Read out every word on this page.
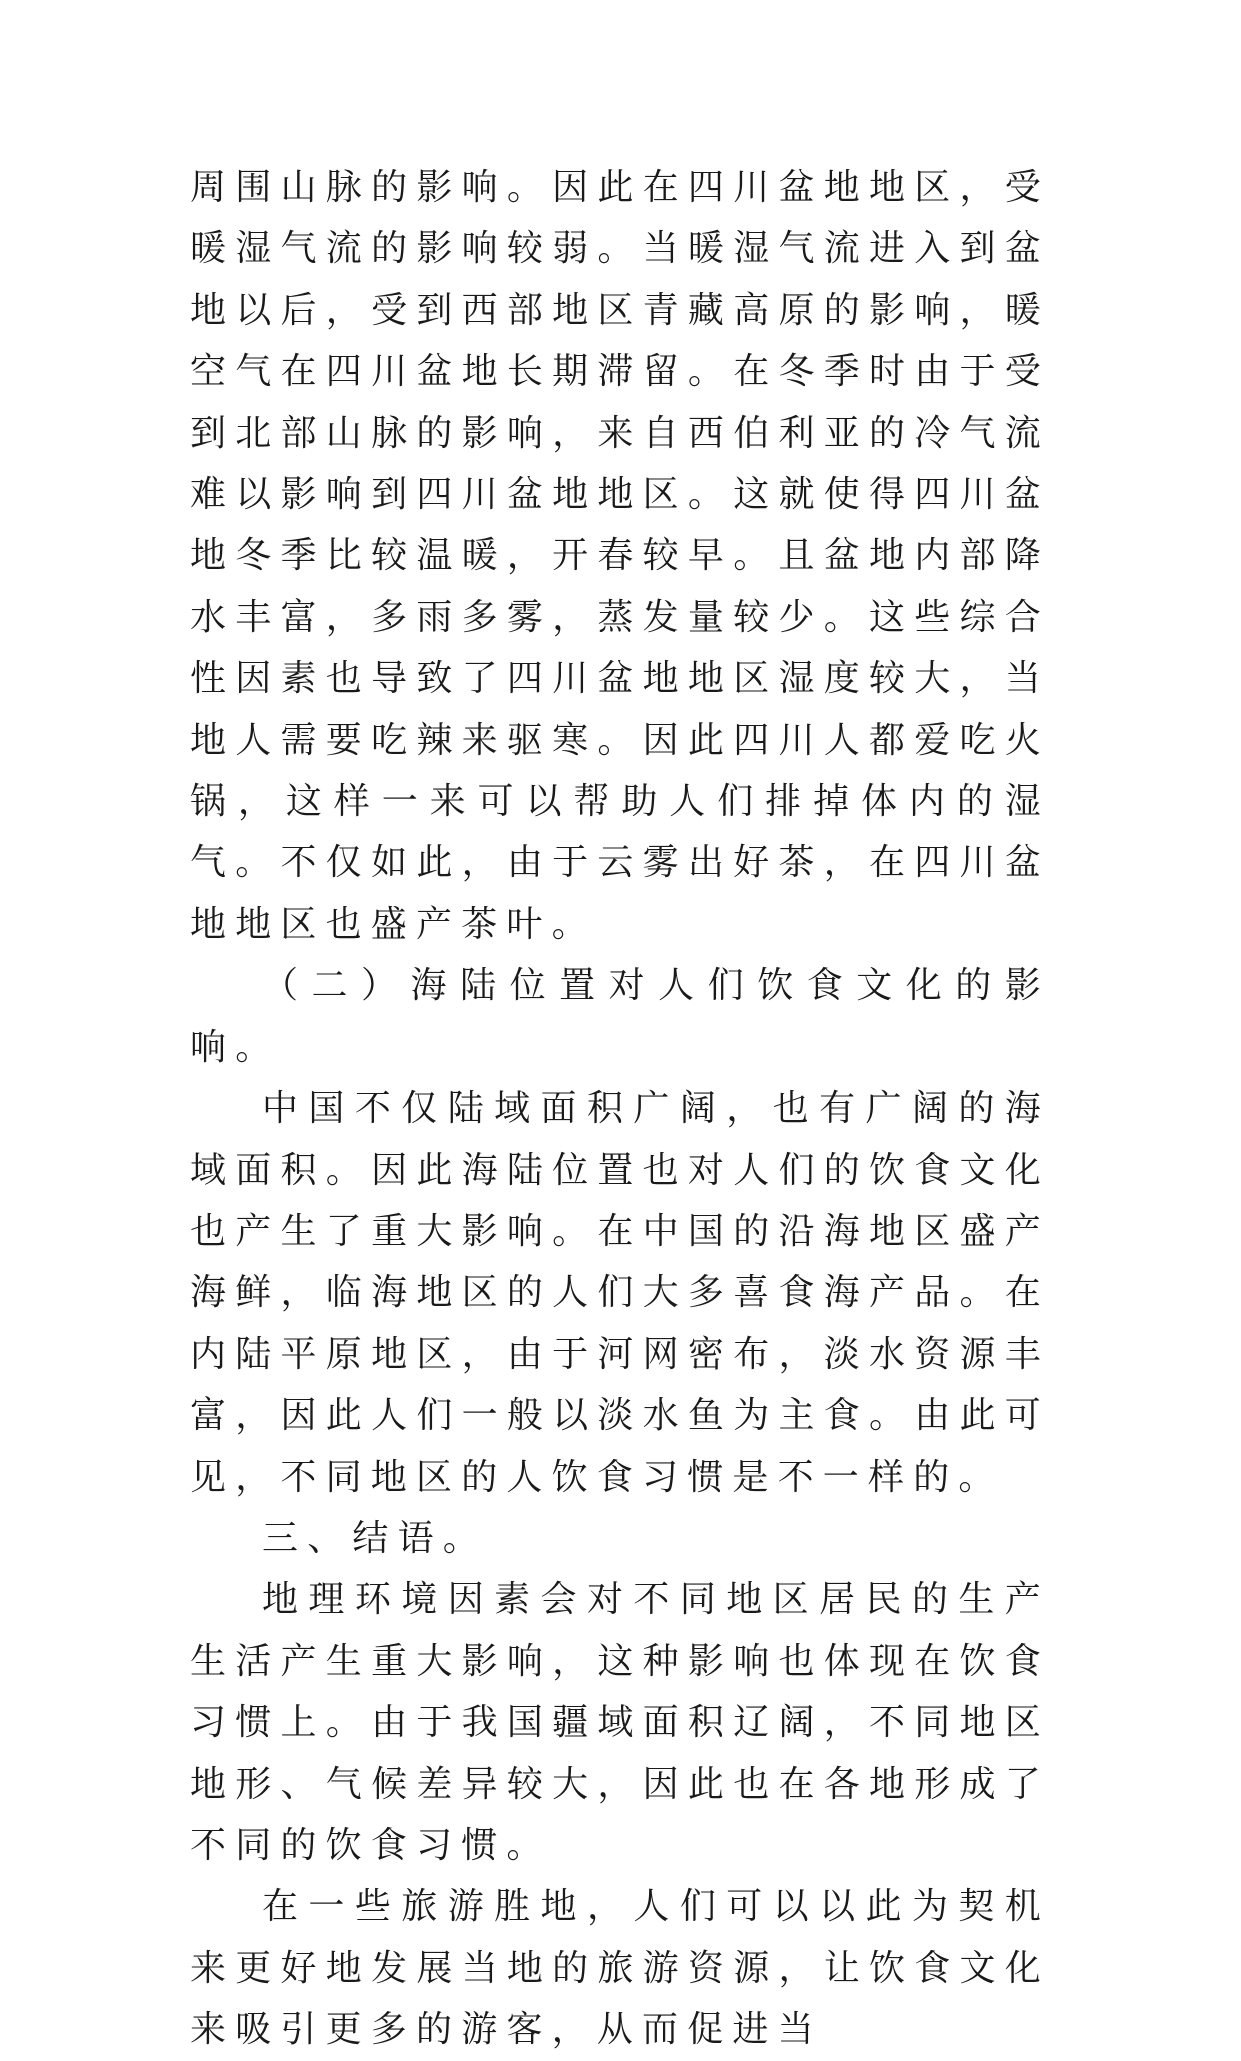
周围山脉的影响。因此在四川盆地地区，受暖湿气流的影响较弱。当暖湿气流进入到盆地以后，受到西部地区青藏高原的影响，暖空气在四川盆地长期滞留。在冬季时由于受到北部山脉的影响，来自西伯利亚的冷气流难以影响到四川盆地地区。这就使得四川盆地冬季比较温暖，开春较早。且盆地内部降水丰富，多雨多雾，蒸发量较少。这些综合性因素也导致了四川盆地地区湿度较大，当地人需要吃辣来驱寒。因此四川人都爱吃火锅，这样一来可以帮助人们排掉体内的湿气。不仅如此，由于云雾出好茶，在四川盆地地区也盛产茶叶。

（二）海陆位置对人们饮食文化的影响。

中国不仅陆域面积广阔，也有广阔的海域面积。因此海陆位置也对人们的饮食文化也产生了重大影响。在中国的沿海地区盛产海鲜，临海地区的人们大多喜食海产品。在内陆平原地区，由于河网密布，淡水资源丰富，因此人们一般以淡水鱼为主食。由此可见，不同地区的人饮食习惯是不一样的。

三、结语。

地理环境因素会对不同地区居民的生产生活产生重大影响，这种影响也体现在饮食习惯上。由于我国疆域面积辽阔，不同地区地形、气候差异较大，因此也在各地形成了不同的饮食习惯。

在一些旅游胜地，人们可以以此为契机来更好地发展当地的旅游资源，让饮食文化来吸引更多的游客，从而促进当
